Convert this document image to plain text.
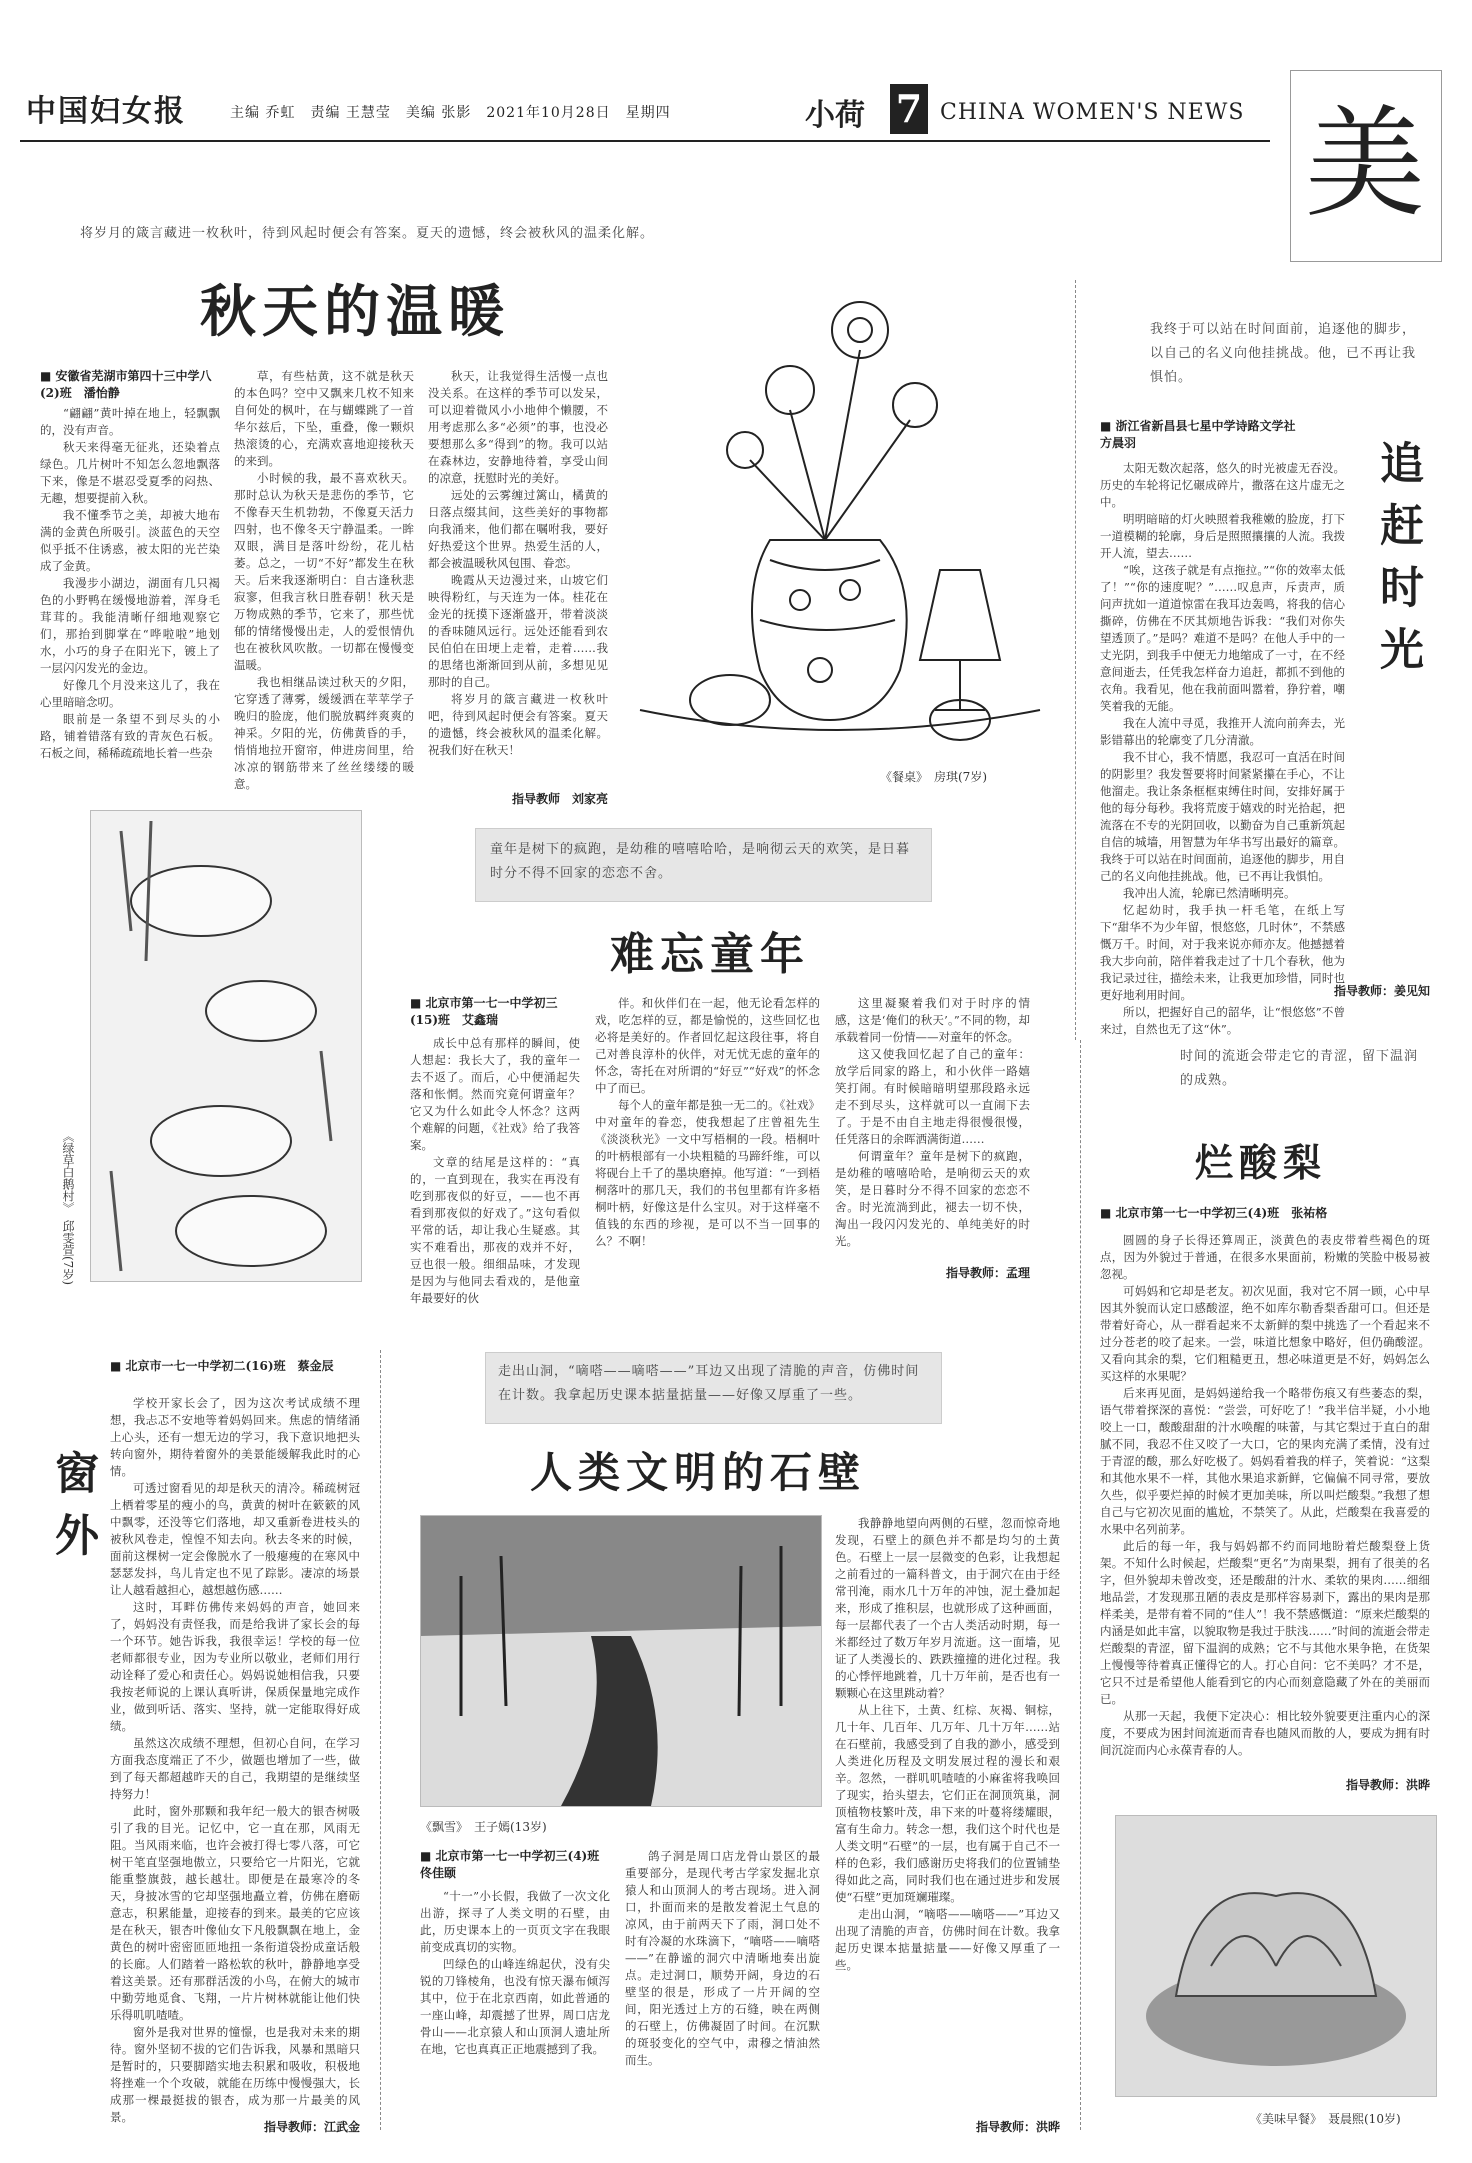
中国妇女报	主编 乔虹　责编 王慧莹　美编 张影　2021年10月28日　星期四	小荷 7 CHINA WOMEN'S NEWS 美
将岁月的箴言藏进一枚秋叶，待到风起时便会有答案。夏天的遗憾，终会被秋风的温柔化解。
秋天的温暖
■ 安徽省芜湖市第四十三中学八(2)班　潘怡静

“翩翩”黄叶掉在地上，轻飘飘的，没有声音。

秋天来得毫无征兆，还染着点绿色。几片树叶不知怎么忽地飘落下来，像是不堪忍受夏季的闷热、无趣，想要提前入秋。

我不懂季节之美，却被大地布满的金黄色所吸引。淡蓝色的天空似乎抵不住诱惑，被太阳的光芒染成了金黄。

我漫步小湖边，湖面有几只褐色的小野鸭在缓慢地游着，浑身毛茸茸的。我能清晰仔细地观察它们，那抬到脚掌在“哗啦啦”地划水，小巧的身子在阳光下，镀上了一层闪闪发光的金边。

好像几个月没来这儿了，我在心里暗暗念叨。

眼前是一条望不到尽头的小路，铺着错落有致的青灰色石板。石板之间，稀稀疏疏地长着一些杂

草，有些枯黄，这不就是秋天的本色吗？空中又飘来几枚不知来自何处的枫叶，在与蝴蝶跳了一首华尔兹后，下坠，重叠，像一颗炽热滚烫的心，充满欢喜地迎接秋天的来到。

小时候的我，最不喜欢秋天。那时总认为秋天是悲伤的季节，它不像春天生机勃勃，不像夏天活力四射，也不像冬天宁静温柔。一眸双眼，满目是落叶纷纷，花儿枯萎。总之，一切“不好”都发生在秋天。后来我逐渐明白：自古逢秋悲寂寥，但我言秋日胜春朝！秋天是万物成熟的季节，它来了，那些忧郁的情绪慢慢出走，人的爱恨情仇也在被秋风吹散。一切都在慢慢变温暖。

我也相继品读过秋天的夕阳，它穿透了薄雾，缓缓洒在苹苹学子晚归的脸庞，他们脱放羁绊爽爽的神采。夕阳的光，仿佛黄昏的手，悄悄地拉开窗帘，伸进房间里，给冰凉的钢筋带来了丝丝缕缕的暖意。

秋天，让我觉得生活慢一点也没关系。在这样的季节可以发呆，可以迎着微风小小地伸个懒腰，不用考虑那么多“必须”的事，也没必要想那么多“得到”的物。我可以站在森林边，安静地待着，享受山间的凉意，抚慰时光的美好。

远处的云雾缠过篱山，橘黄的日落点缀其间，这些美好的事物都向我涌来，他们都在嘱咐我，要好好热爱这个世界。热爱生活的人，都会被温暖秋风包围、眷恋。

晚霞从天边漫过来，山坡它们映得粉红，与天连为一体。桂花在金光的抚摸下逐渐盛开，带着淡淡的香味随风远行。远处还能看到农民伯伯在田埂上走着，走着……我的思绪也渐渐回到从前，多想见见那时的自己。

将岁月的箴言藏进一枚秋叶吧，待到风起时便会有答案。夏天的遗憾，终会被秋风的温柔化解。祝我们好在秋天！

指导教师　刘家亮
《餐桌》　房琪(7岁)
我终于可以站在时间面前，追逐他的脚步，以自己的名义向他挂挑战。他，已不再让我惧怕。
追赶时光
■ 浙江省新昌县七星中学诗路文学社　方晨羽

太阳无数次起落，悠久的时光被虚无吞没。历史的车轮将记忆碾成碎片，撒落在这片虚无之中。

明明暗暗的灯火映照着我稚嫩的脸庞，打下一道模糊的轮廓，身后是照照攘攘的人流。我拨开人流，望去……

“唉，这孩子就是有点拖拉。”“你的效率太低了！”“你的速度呢？”……叹息声，斥责声，质问声扰如一道道惊雷在我耳边轰鸣，将我的信心撕碎，仿佛在不厌其烦地告诉我：“我们对你失望透顶了。”是吗？难道不是吗？在他人手中的一丈光阴，到我手中便无力地缩成了一寸，在不经意间逝去，任凭我怎样奋力追赶，都抓不到他的衣角。我看见，他在我前面叫嚣着，狰狞着，嘲笑着我的无能。

我在人流中寻觅，我推开人流向前奔去，光影错幕出的轮廓变了几分清澈。

我不甘心，我不情愿，我忍可一直活在时间的阴影里？我发誓要将时间紧紧攥在手心，不让他溜走。我让条条框框束缚住时间，安排好属于他的每分每秒。我将荒废于嬉戏的时光拾起，把流落在不专的光阴回收，以勤奋为自己重新筑起自信的城墙，用智慧为年华书写出最好的篇章。我终于可以站在时间面前，追逐他的脚步，用自己的名义向他挂挑战。他，已不再让我惧怕。

我冲出人流，轮廓已然清晰明亮。

忆起幼时，我手执一杆毛笔，在纸上写下“甜华不为少年留，恨悠悠，几时休”，不禁感慨万千。时间，对于我来说亦师亦友。他撼撼着我大步向前，陪伴着我走过了十几个春秋，他为我记录过往，描绘未来，让我更加珍惜，同时也更好地利用时间。

所以，把握好自己的韶华，让“恨悠悠”不曾来过，自然也无了这“休”。

指导教师：姜见知
时间的流逝会带走它的青涩，留下温润的成熟。
烂酸梨
■ 北京市第一七一中学初三(4)班　张祐格

圆圆的身子长得还算周正，淡黄色的表皮带着些褐色的斑点，因为外貌过于普通，在很多水果面前，粉嫩的笑脸中极易被忽视。

可妈妈和它却是老友。初次见面，我对它不屑一顾，心中早因其外貌而认定口感酸涩，绝不如库尔勒香梨香甜可口。但还是带着好奇心，从一群看起来不太新鲜的梨中挑选了一个看起来不过分苍老的咬了起来。一尝，味道比想象中略好，但仍确酸涩。又看向其余的梨，它们粗糙更丑，想必味道更是不好，妈妈怎么买这样的水果呢？

后来再见面，是妈妈递给我一个略带伤痕又有些萎态的梨，语气带着探深的喜悦：“尝尝，可好吃了！”我半信半疑，小小地咬上一口，酸酸甜甜的汁水唤醒的味蕾，与其它梨过于直白的甜腻不同，我忍不住又咬了一大口，它的果肉充满了柔情，没有过于青涩的酸，那么好吃极了。妈妈看着我的样子，笑着说：“这梨和其他水果不一样，其他水果追求新鲜，它偏偏不同寻常，要放久些，似乎要烂掉的时候才更加美味，所以叫烂酸梨。”我想了想自己与它初次见面的尴尬，不禁笑了。从此，烂酸梨在我喜爱的水果中名列前茅。

此后的每一年，我与妈妈都不约而同地盼着烂酸梨登上货架。不知什么时候起，烂酸梨“更名”为南果梨，拥有了很美的名字，但外貌却未曾改变，还是酸甜的汁水、柔软的果肉……细细地品尝，才发现那丑陋的表皮是那样容易剥下，露出的果肉是那样柔美，是带有着不同的“佳人”！我不禁感慨道：“原来烂酸梨的内涵是如此丰富，以貌取物是我过于肤浅……”时间的流逝会带走烂酸梨的青涩，留下温润的成熟；它不与其他水果争艳，在货架上慢慢等待着真正懂得它的人。打心自问：它不美吗？才不是，它只不过是希望他人能看到它的内心而刻意隐藏了外在的美丽而已。

从那一天起，我便下定决心：相比较外貌要更注重内心的深度，不要成为困封间流逝而青春也随风而散的人，要成为拥有时间沉淀而内心永葆青春的人。

指导教师：洪晔
《美味早餐》　聂晨熙(10岁)
《绿草白鹅村》　邱雯萱(7岁)
童年是树下的疯跑，是幼稚的嘻嘻哈哈，是响彻云天的欢笑，是日暮时分不得不回家的恋恋不舍。
难忘童年
■ 北京市第一七一中学初三(15)班　艾鑫瑞

成长中总有那样的瞬间，使人想起：我长大了，我的童年一去不返了。而后，心中便涌起失落和怅惘。然而究竟何谓童年？它又为什么如此令人怀念？这两个难解的问题，《社戏》给了我答案。

文章的结尾是这样的：“真的，一直到现在，我实在再没有吃到那夜似的好豆，——也不再看到那夜似的好戏了。”这句看似平常的话，却让我心生疑惑。其实不难看出，那夜的戏并不好，豆也很一般。细细品味，才发现是因为与他同去看戏的，是他童年最要好的伙

伴。和伙伴们在一起，他无论看怎样的戏，吃怎样的豆，都是愉悦的，这些回忆也必将是美好的。作者回忆起这段往事，将自己对善良淳朴的伙伴，对无忧无虑的童年的怀念，寄托在对所谓的“好豆”“好戏”的怀念中了而已。

每个人的童年都是独一无二的。《社戏》中对童年的眷恋，使我想起了庄曾祖先生《淡淡秋光》一文中写梧桐的一段。梧桐叶的叶柄根部有一小块粗糙的马蹄纤维，可以将砚台上千了的墨块磨掉。他写道：“一到梧桐落叶的那几天，我们的书包里都有许多梧桐叶柄，好像这是什么宝贝。对于这样毫不值钱的东西的珍视，是可以不当一回事的么？不啊！

这里凝聚着我们对于时序的情感，这是‘俺们的秋天’。”不同的物，却承载着同一份情——对童年的怀念。

这又使我回忆起了自己的童年：放学后同家的路上，和小伙伴一路嬉笑打闹。有时候暗暗明望那段路永远走不到尽头，这样就可以一直闹下去了。于是不由自主地走得很慢很慢，任凭落日的余晖洒满街道……

何谓童年？童年是树下的疯跑，是幼稚的嘻嘻哈哈，是响彻云天的欢笑，是日暮时分不得不回家的恋恋不舍。时光流淌到此，褪去一切不快，淘出一段闪闪发光的、单纯美好的时光。

指导教师：孟理
■ 北京市一七一中学初二(16)班　蔡金辰
窗外

学校开家长会了，因为这次考试成绩不理想，我忐忑不安地等着妈妈回来。焦虑的情绪涌上心头，还有一想无边的学习，我下意识地把头转向窗外，期待着窗外的美景能缓解我此时的心情。

可透过窗看见的却是秋天的清冷。稀疏树冠上栖着零星的瘦小的鸟，黄黄的树叶在簌簌的风中飘零，还没等它们落地，却又重新卷进枝头的被秋风卷走，惶惶不知去向。秋去冬来的时候，面前这棵树一定会像脱水了一般瘪瘦的在寒风中瑟瑟发抖，鸟儿肯定也不见了踪影。凄凉的场景让人越看越担心，越想越伤感……

这时，耳畔仿佛传来妈妈的声音，她回来了，妈妈没有责怪我，而是给我讲了家长会的每一个环节。她告诉我，我很幸运！学校的每一位老师都很专业，因为专业所以敬业，老师们用行动诠释了爱心和责任心。妈妈说她相信我，只要我按老师说的上课认真听讲，保质保量地完成作业，做到听话、落实、坚持，就一定能取得好成绩。

虽然这次成绩不理想，但初心自问，在学习方面我态度端正了不少，做题也增加了一些，做到了每天都超越昨天的自己，我期望的是继续坚持努力！

此时，窗外那颗和我年纪一般大的银杏树吸引了我的目光。记忆中，它一直在那，风雨无阻。当风雨来临，也许会被打得七零八落，可它树干笔直坚强地傲立，只要给它一片阳光，它就能重整旗鼓，越长越壮。即便是在最寒冷的冬天，身披冰雪的它却坚强地矗立着，仿佛在磨砺意志，积累能量，迎接春的到来。最美的它应该是在秋天，银杏叶像仙女下凡般飘飘在地上，金黄色的树叶密密匝匝地扭一条衔道袋扮成童话般的长廊。人们踏着一路松软的秋叶，静静地享受着这美景。还有那群活泼的小鸟，在俯大的城市中勤劳地觅食、飞翔，一片片树林就能让他们快乐得叽叽喳喳。

窗外是我对世界的憧憬，也是我对未来的期待。窗外坚韧不拔的它们告诉我，风暴和黑暗只是暂时的，只要脚踏实地去积累和吸收，积极地将挫难一个个攻破，就能在历练中慢慢强大，长成那一棵最挺拔的银杏，成为那一片最美的风景。

指导教师：江武金
走出山洞，“嘀嗒——嘀嗒——”耳边又出现了清脆的声音，仿佛时间在计数。我拿起历史课本掂量掂量——好像又厚重了一些。
人类文明的石壁
《飘雪》　王子嫣(13岁)
■ 北京市第一七一中学初三(4)班　佟佳颐

“十一”小长假，我做了一次文化出游，探寻了人类文明的石壁，由此，历史课本上的一页页文字在我眼前变成真切的实物。

凹绿色的山峰连绵起伏，没有尖锐的刀锋棱角，也没有惊天瀑布倾泻其中，位于在北京西南，如此普通的一座山峰，却震撼了世界，周口店龙骨山——北京猿人和山顶洞人遗址所在地，它也真真正正地震撼到了我。

鸽子洞是周口店龙骨山景区的最重要部分，是现代考古学家发掘北京猿人和山顶洞人的考古现场。进入洞口，扑面而来的是散发着泥土气息的凉风，由于前两天下了雨，洞口处不时有冷凝的水珠滴下，“嘀嗒——嘀嗒——”在静谧的洞穴中清晰地奏出旋点。走过洞口，顺势开阔，身边的石壁坚的很是，形成了一片开阔的空间，阳光透过上方的石缝，映在两侧的石壁上，仿佛凝固了时间。在沉默的斑驳变化的空气中，肃穆之情油然而生。

我静静地望向两侧的石壁，忽而惊奇地发现，石壁上的颜色并不都是均匀的土黄色。石壁上一层一层微变的色彩，让我想起之前看过的一篇科普文，由于洞穴在由于经常刊淹，雨水几十万年的冲蚀，泥土叠加起来，形成了推积层，也就形成了这种画面，每一层都代表了一个古人类活动时期，每一米都经过了数万年岁月流逝。这一面墙，见证了人类漫长的、跌跌撞撞的进化过程。我的心悸怦地跳着，几十万年前，是否也有一颗颗心在这里跳动着？

从上往下，土黄、红棕、灰褐、铜棕，几十年、几百年、几万年、几十万年……站在石壁前，我感受到了自我的渺小，感受到人类进化历程及文明发展过程的漫长和艰辛。忽然，一群叽叽喳喳的小麻雀将我唤回了现实，抬头望去，它们正在洞顶筑巢，洞顶植物枝繁叶茂，串下来的叶蔓将缕耀眼，富有生命力。转念一想，我们这个时代也是人类文明“石壁”的一层，也有属于自己不一样的色彩，我们感谢历史将我们的位置铺垫得如此之高，同时我们也在通过进步和发展使“石壁”更加斑斓璀璨。

走出山洞，“嘀嗒——嘀嗒——”耳边又出现了清脆的声音，仿佛时间在计数。我拿起历史课本掂量掂量——好像又厚重了一些。

指导教师：洪晔
